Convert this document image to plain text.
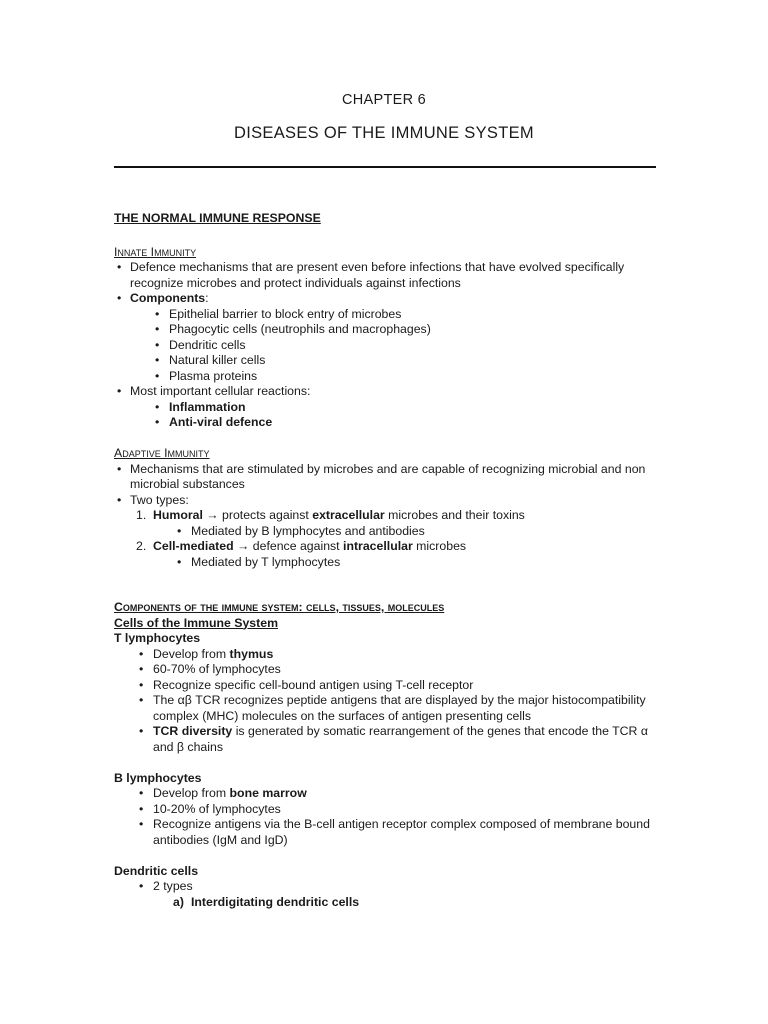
CHAPTER 6
DISEASES OF THE IMMUNE SYSTEM

THE NORMAL IMMUNE RESPONSE

Innate Immunity

• Defence mechanisms that are present even before infections that have evolved specifically recognize microbes and protect individuals against infections
• Components:
• Epithelial barrier to block entry of microbes
• Phagocytic cells (neutrophils and macrophages)
• Dendritic cells
• Natural killer cells
• Plasma proteins
• Most important cellular reactions:
• Inflammation
• Anti-viral defence

Adaptive Immunity

• Mechanisms that are stimulated by microbes and are capable of recognizing microbial and non microbial substances
• Two types:
1. Humoral → protects against extracellular microbes and their toxins
• Mediated by B lymphocytes and antibodies
2. Cell-mediated → defence against intracellular microbes
• Mediated by T lymphocytes

Components of the immune system: cells, tissues, molecules

Cells of the Immune System

T lymphocytes

• Develop from thymus
• 60-70% of lymphocytes
• Recognize specific cell-bound antigen using T-cell receptor
• The αβ TCR recognizes peptide antigens that are displayed by the major histocompatibility complex (MHC) molecules on the surfaces of antigen presenting cells
• TCR diversity is generated by somatic rearrangement of the genes that encode the TCR α and β chains

B lymphocytes

• Develop from bone marrow
• 10-20% of lymphocytes
• Recognize antigens via the B-cell antigen receptor complex composed of membrane bound antibodies (IgM and IgD)

Dendritic cells

• 2 types
a) Interdigitating dendritic cells
